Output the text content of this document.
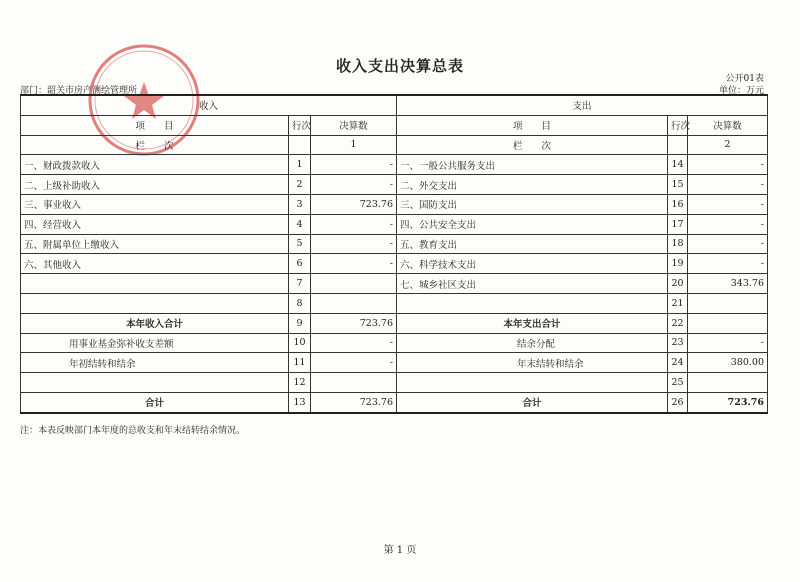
收入支出决算总表
公开01表
部门：韶关市房产测绘管理所	单位：万元
收入			支出		
项　　目	行次	决算数	项　　目	行次	决算数
栏　　次		1	栏　　次		2
一、财政拨款收入	1	-	一、一般公共服务支出	14	-
二、上级补助收入	2	-	二、外交支出	15	-
三、事业收入	3	723.76	三、国防支出	16	-
四、经营收入	4	-	四、公共安全支出	17	-
五、附属单位上缴收入	5	-	五、教育支出	18	-
六、其他收入	6	-	六、科学技术支出	19	-
	7		七、城乡社区支出	20	343.76
	8			21	
本年收入合计	9	723.76	本年支出合计	22	
用事业基金弥补收支差额	10	-	结余分配	23	-
年初结转和结余	11	-	年末结转和结余	24	380.00
	12			25	
合计	13	723.76	合计	26	723.76
注：本表反映部门本年度的总收支和年末结转结余情况。
第 1 页
